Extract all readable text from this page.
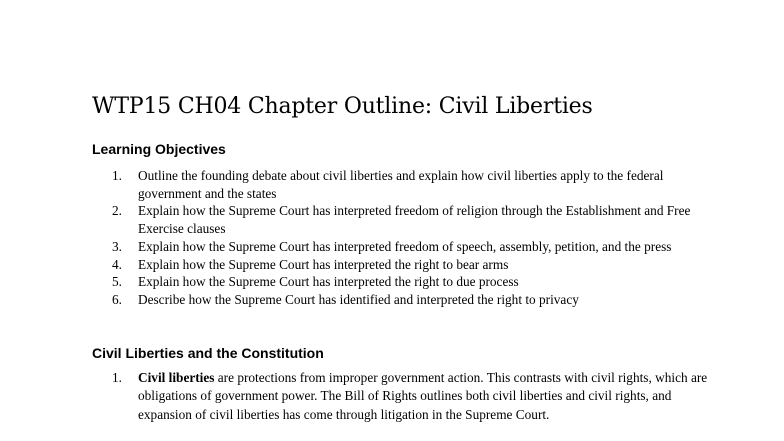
WTP15 CH04 Chapter Outline: Civil Liberties
Learning Objectives
1.	Outline the founding debate about civil liberties and explain how civil liberties apply to the federal government and the states
2.	Explain how the Supreme Court has interpreted freedom of religion through the Establishment and Free Exercise clauses
3.	Explain how the Supreme Court has interpreted freedom of speech, assembly, petition, and the press
4.	Explain how the Supreme Court has interpreted the right to bear arms
5.	Explain how the Supreme Court has interpreted the right to due process
6.	Describe how the Supreme Court has identified and interpreted the right to privacy
Civil Liberties and the Constitution
1.	Civil liberties are protections from improper government action. This contrasts with civil rights, which are obligations of government power. The Bill of Rights outlines both civil liberties and civil rights, and expansion of civil liberties has come through litigation in the Supreme Court.
